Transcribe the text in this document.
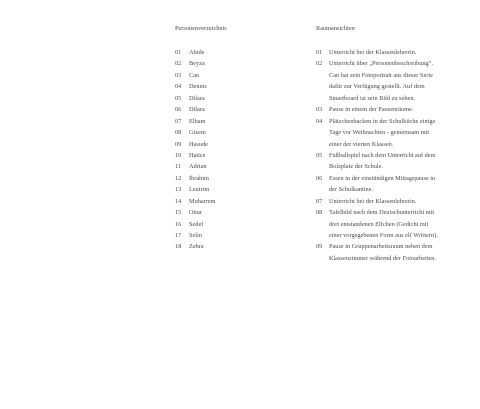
Personenverzeichnis
01 Abide
02 Beyza
03 Can
04 Dennis
05 Dilara
06 Dilara
07 Elham
08 Gizem
09 Hasude
10 Hatice
11 Adrian
12 Ibrahim
13 Leutrim
14 Muharrem
15 Onur
16 Sedef
17 Selin
18 Zehra
Raumansichten
01 Unterricht bei der Klassenlehrerin.
02 Unterricht über „Personenbeschreibung“.
Can hat sein Fotoportrait aus dieser Serie
dafür zur Verfügung gestellt. Auf dem
Smartboard ist sein Bild zu sehen.
03 Pause in einem der Pausenräume.
04 Plätzchenbacken in der Schulküche einige
Tage vor Weihnachten - gemeinsam mit
einer der vierten Klassen.
05 Fußballspiel nach dem Unterricht auf dem
Bolzplatz der Schule.
06 Essen in der einstündigen Mittagspause in
der Schulkantine.
07 Unterricht bei der Klassenlehrerin.
08 Tafelbild nach dem Deutschunterricht mit
dort entstandenen Elfchen (Gedicht mit
einer vorgegebenen Form aus elf Wörtern).
09 Pause in Gruppenarbeitsraum neben dem
Klassenzimmer während der Fotoarbeiten.
